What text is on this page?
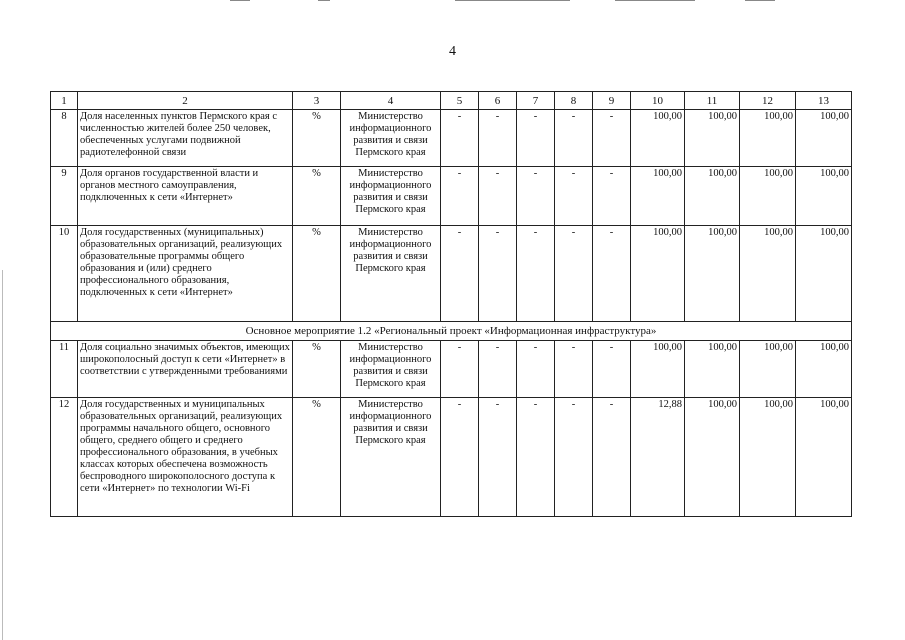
4
1	2	3	4	5	6	7	8	9	10	11	12	13
8	Доля населенных пунктов Пермского края с численностью жителей более 250 человек, обеспеченных услугами подвижной радиотелефонной связи	%	Министерство информационного развития и связи Пермского края	-	-	-	-	-	100,00	100,00	100,00	100,00
9	Доля органов государственной власти и органов местного самоуправления, подключенных к сети «Интернет»	%	Министерство информационного развития и связи Пермского края	-	-	-	-	-	100,00	100,00	100,00	100,00
10	Доля государственных (муниципальных) образовательных организаций, реализующих образовательные программы общего образования и (или) среднего профессионального образования, подключенных к сети «Интернет»	%	Министерство информационного развития и связи Пермского края	-	-	-	-	-	100,00	100,00	100,00	100,00
Основное мероприятие 1.2 «Региональный проект «Информационная инфраструктура»												
11	Доля социально значимых объектов, имеющих широкополосный доступ к сети «Интернет» в соответствии с утвержденными требованиями	%	Министерство информационного развития и связи Пермского края	-	-	-	-	-	100,00	100,00	100,00	100,00
12	Доля государственных и муниципальных образовательных организаций, реализующих программы начального общего, основного общего, среднего общего и среднего профессионального образования, в учебных классах которых обеспечена возможность беспроводного широкополосного доступа к сети «Интернет» по технологии Wi-Fi	%	Министерство информационного развития и связи Пермского края	-	-	-	-	-	12,88	100,00	100,00	100,00
